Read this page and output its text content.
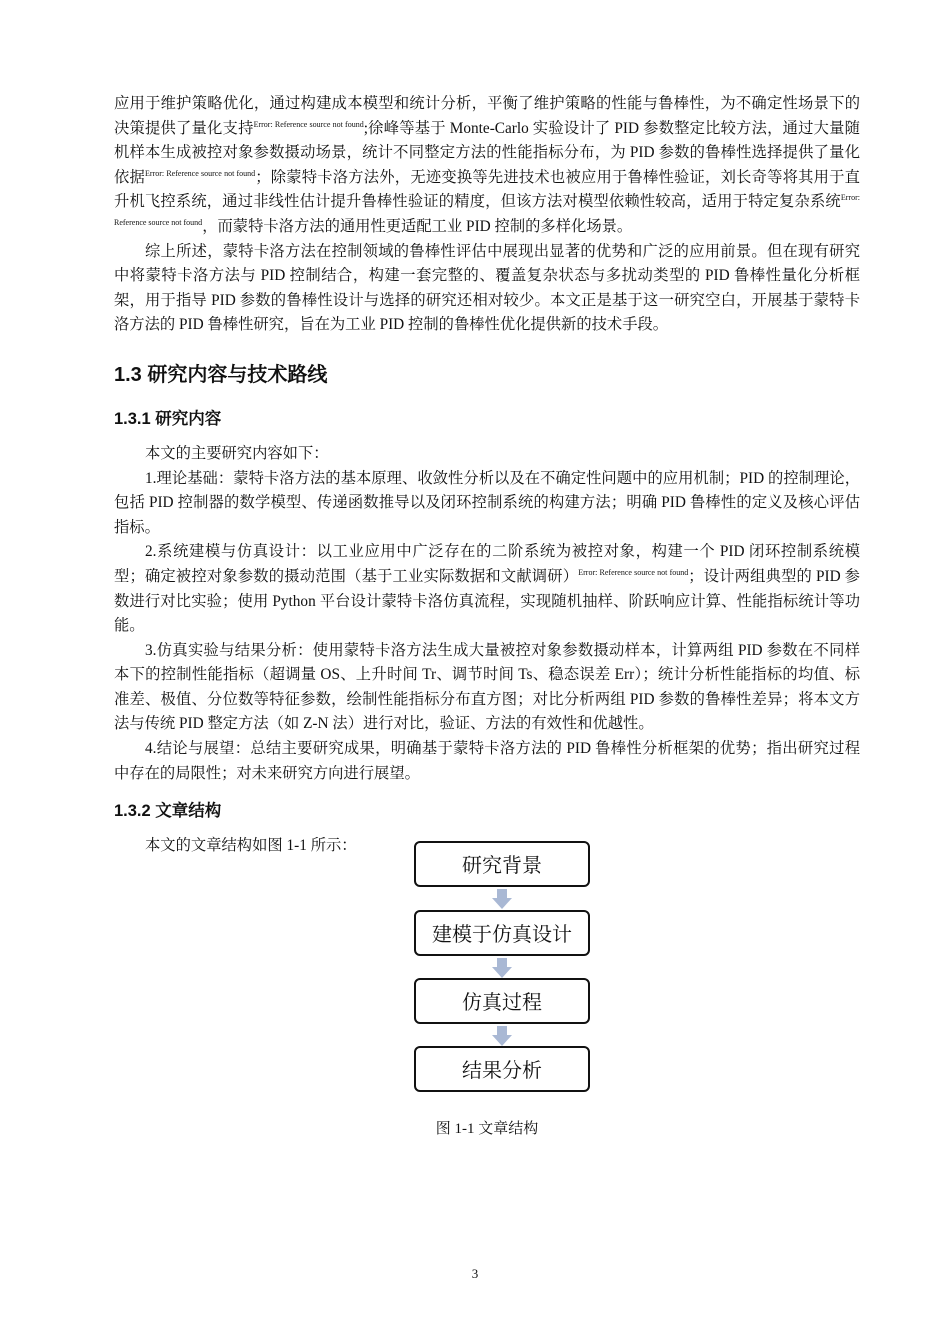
应用于维护策略优化，通过构建成本模型和统计分析，平衡了维护策略的性能与鲁棒性，为不确定性场景下的决策提供了量化支持$^{Error: Reference source not found}$;徐峰等基于 Monte-Carlo 实验设计了 PID 参数整定比较方法，通过大量随机样本生成被控对象参数摄动场景，统计不同整定方法的性能指标分布，为 PID 参数的鲁棒性选择提供了量化依据$^{Error: Reference source not found}$；除蒙特卡洛方法外，无迹变换等先进技术也被应用于鲁棒性验证，刘长奇等将其用于直升机飞控系统，通过非线性估计提升鲁棒性验证的精度，但该方法对模型依赖性较高，适用于特定复杂系统$^{Error: Reference source not found}$，而蒙特卡洛方法的通用性更适配工业 PID 控制的多样化场景。

综上所述，蒙特卡洛方法在控制领域的鲁棒性评估中展现出显著的优势和广泛的应用前景。但在现有研究中将蒙特卡洛方法与 PID 控制结合，构建一套完整的、覆盖复杂状态与多扰动类型的 PID 鲁棒性量化分析框架，用于指导 PID 参数的鲁棒性设计与选择的研究还相对较少。本文正是基于这一研究空白，开展基于蒙特卡洛方法的 PID 鲁棒性研究，旨在为工业 PID 控制的鲁棒性优化提供新的技术手段。

1.3 研究内容与技术路线
1.3.1 研究内容

本文的主要研究内容如下：

1.理论基础：蒙特卡洛方法的基本原理、收敛性分析以及在不确定性问题中的应用机制；PID 的控制理论，包括 PID 控制器的数学模型、传递函数推导以及闭环控制系统的构建方法；明确 PID 鲁棒性的定义及核心评估指标。

2.系统建模与仿真设计：以工业应用中广泛存在的二阶系统为被控对象，构建一个 PID 闭环控制系统模型；确定被控对象参数的摄动范围（基于工业实际数据和文献调研）$^{Error: Reference source not found}$；设计两组典型的 PID 参数进行对比实验；使用 Python 平台设计蒙特卡洛仿真流程，实现随机抽样、阶跃响应计算、性能指标统计等功能。

3.仿真实验与结果分析：使用蒙特卡洛方法生成大量被控对象参数摄动样本，计算两组 PID 参数在不同样本下的控制性能指标（超调量 OS、上升时间 Tr、调节时间 Ts、稳态误差 Err）；统计分析性能指标的均值、标准差、极值、分位数等特征参数，绘制性能指标分布直方图；对比分析两组 PID 参数的鲁棒性差异；将本文方法与传统 PID 整定方法（如 Z-N 法）进行对比，验证、方法的有效性和优越性。

4.结论与展望：总结主要研究成果，明确基于蒙特卡洛方法的 PID 鲁棒性分析框架的优势；指出研究过程中存在的局限性；对未来研究方向进行展望。

1.3.2 文章结构

本文的文章结构如图 1-1 所示：

研究背景
建模于仿真设计
仿真过程
结果分析
图 1-1 文章结构
3
